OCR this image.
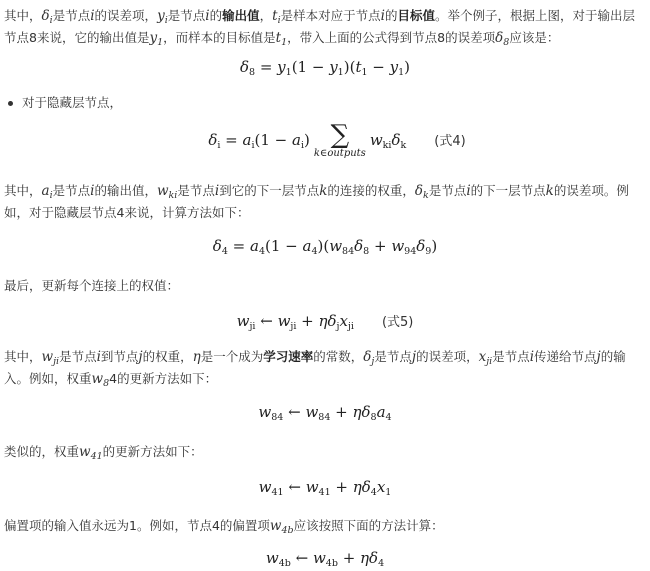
其中，$\delta_i$是节点i的误差项，$y_i$是节点i的输出值，$t_i$是样本对应于节点i的目标值。举个例子，根据上图，对于输出层节点8来说，它的输出值是$y_1$，而样本的目标值是$t_1$，带入上面的公式得到节点8的误差项$\delta_8$应该是：
$\delta_8 = y_1(1 - y_1)(t_1 - y_1)$
对于隐藏层节点，
$\delta_i = a_i(1 - a_i)$ ∑
k∈outputs
$w_{ki}\delta_k$ (式4)
其中，$a_i$是节点i的输出值，$w_{ki}$是节点i到它的下一层节点k的连接的权重，$\delta_k$是节点i的下一层节点k的误差项。例如，对于隐藏层节点4来说，计算方法如下：
$\delta_4 = a_4(1 - a_4)(w_{84}\delta_8 + w_{94}\delta_9)$
最后，更新每个连接上的权值：
$w_{ji}$ ← $w_{ji} + \eta\delta_jx_{ji}$ (式5)
其中，$w_{ji}$是节点i到节点j的权重，η是一个成为学习速率的常数，$\delta_j$是节点j的误差项，$x_{ji}$是节点i传递给节点j的输入。例如，权重$w_84$的更新方法如下：
$w_{84}$ ← $w_{84} + \eta\delta_8a_4$
类似的，权重$w_{41}$的更新方法如下：
$w_{41}$ ← $w_{41} + \eta\delta_4x_1$
偏置项的输入值永远为1。例如，节点4的偏置项$w_{4b}$应该按照下面的方法计算：
$w_{4b}$ ← $w_{4b} + \eta\delta_4$
